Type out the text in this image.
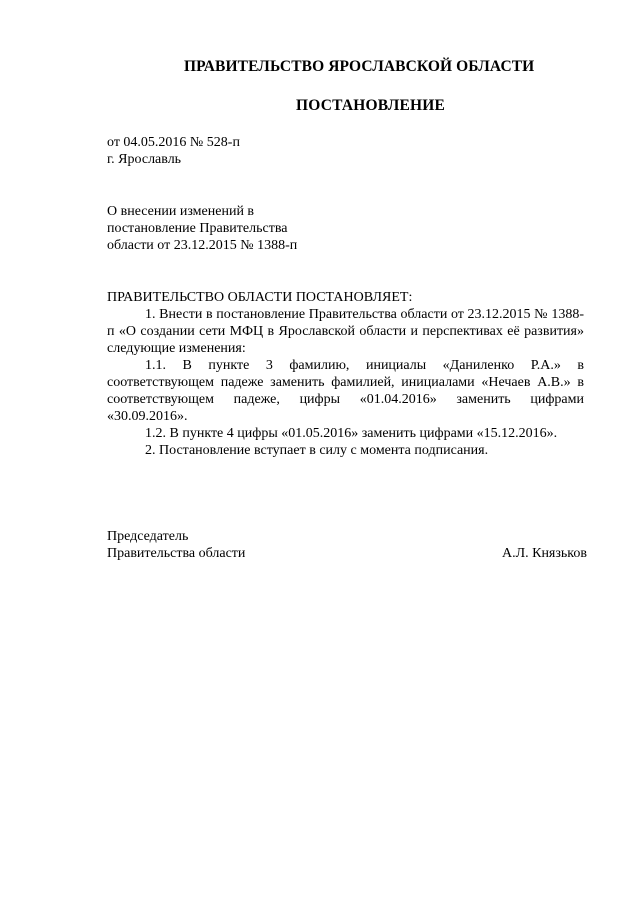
ПРАВИТЕЛЬСТВО ЯРОСЛАВСКОЙ ОБЛАСТИ
ПОСТАНОВЛЕНИЕ
от 04.05.2016 № 528-п
г. Ярославль
О внесении изменений в
постановление Правительства
области от 23.12.2015 № 1388-п
ПРАВИТЕЛЬСТВО ОБЛАСТИ ПОСТАНОВЛЯЕТ:
1. Внести в постановление Правительства области от 23.12.2015 № 1388-п «О создании сети МФЦ в Ярославской области и перспективах её развития» следующие изменения:
1.1. В пункте 3 фамилию, инициалы «Даниленко Р.А.» в соответствующем падеже заменить фамилией, инициалами «Нечаев А.В.» в соответствующем падеже, цифры «01.04.2016» заменить цифрами «30.09.2016».
1.2. В пункте 4 цифры «01.05.2016» заменить цифрами «15.12.2016».
2. Постановление вступает в силу с момента подписания.
Председатель
Правительства области	А.Л. Князьков
